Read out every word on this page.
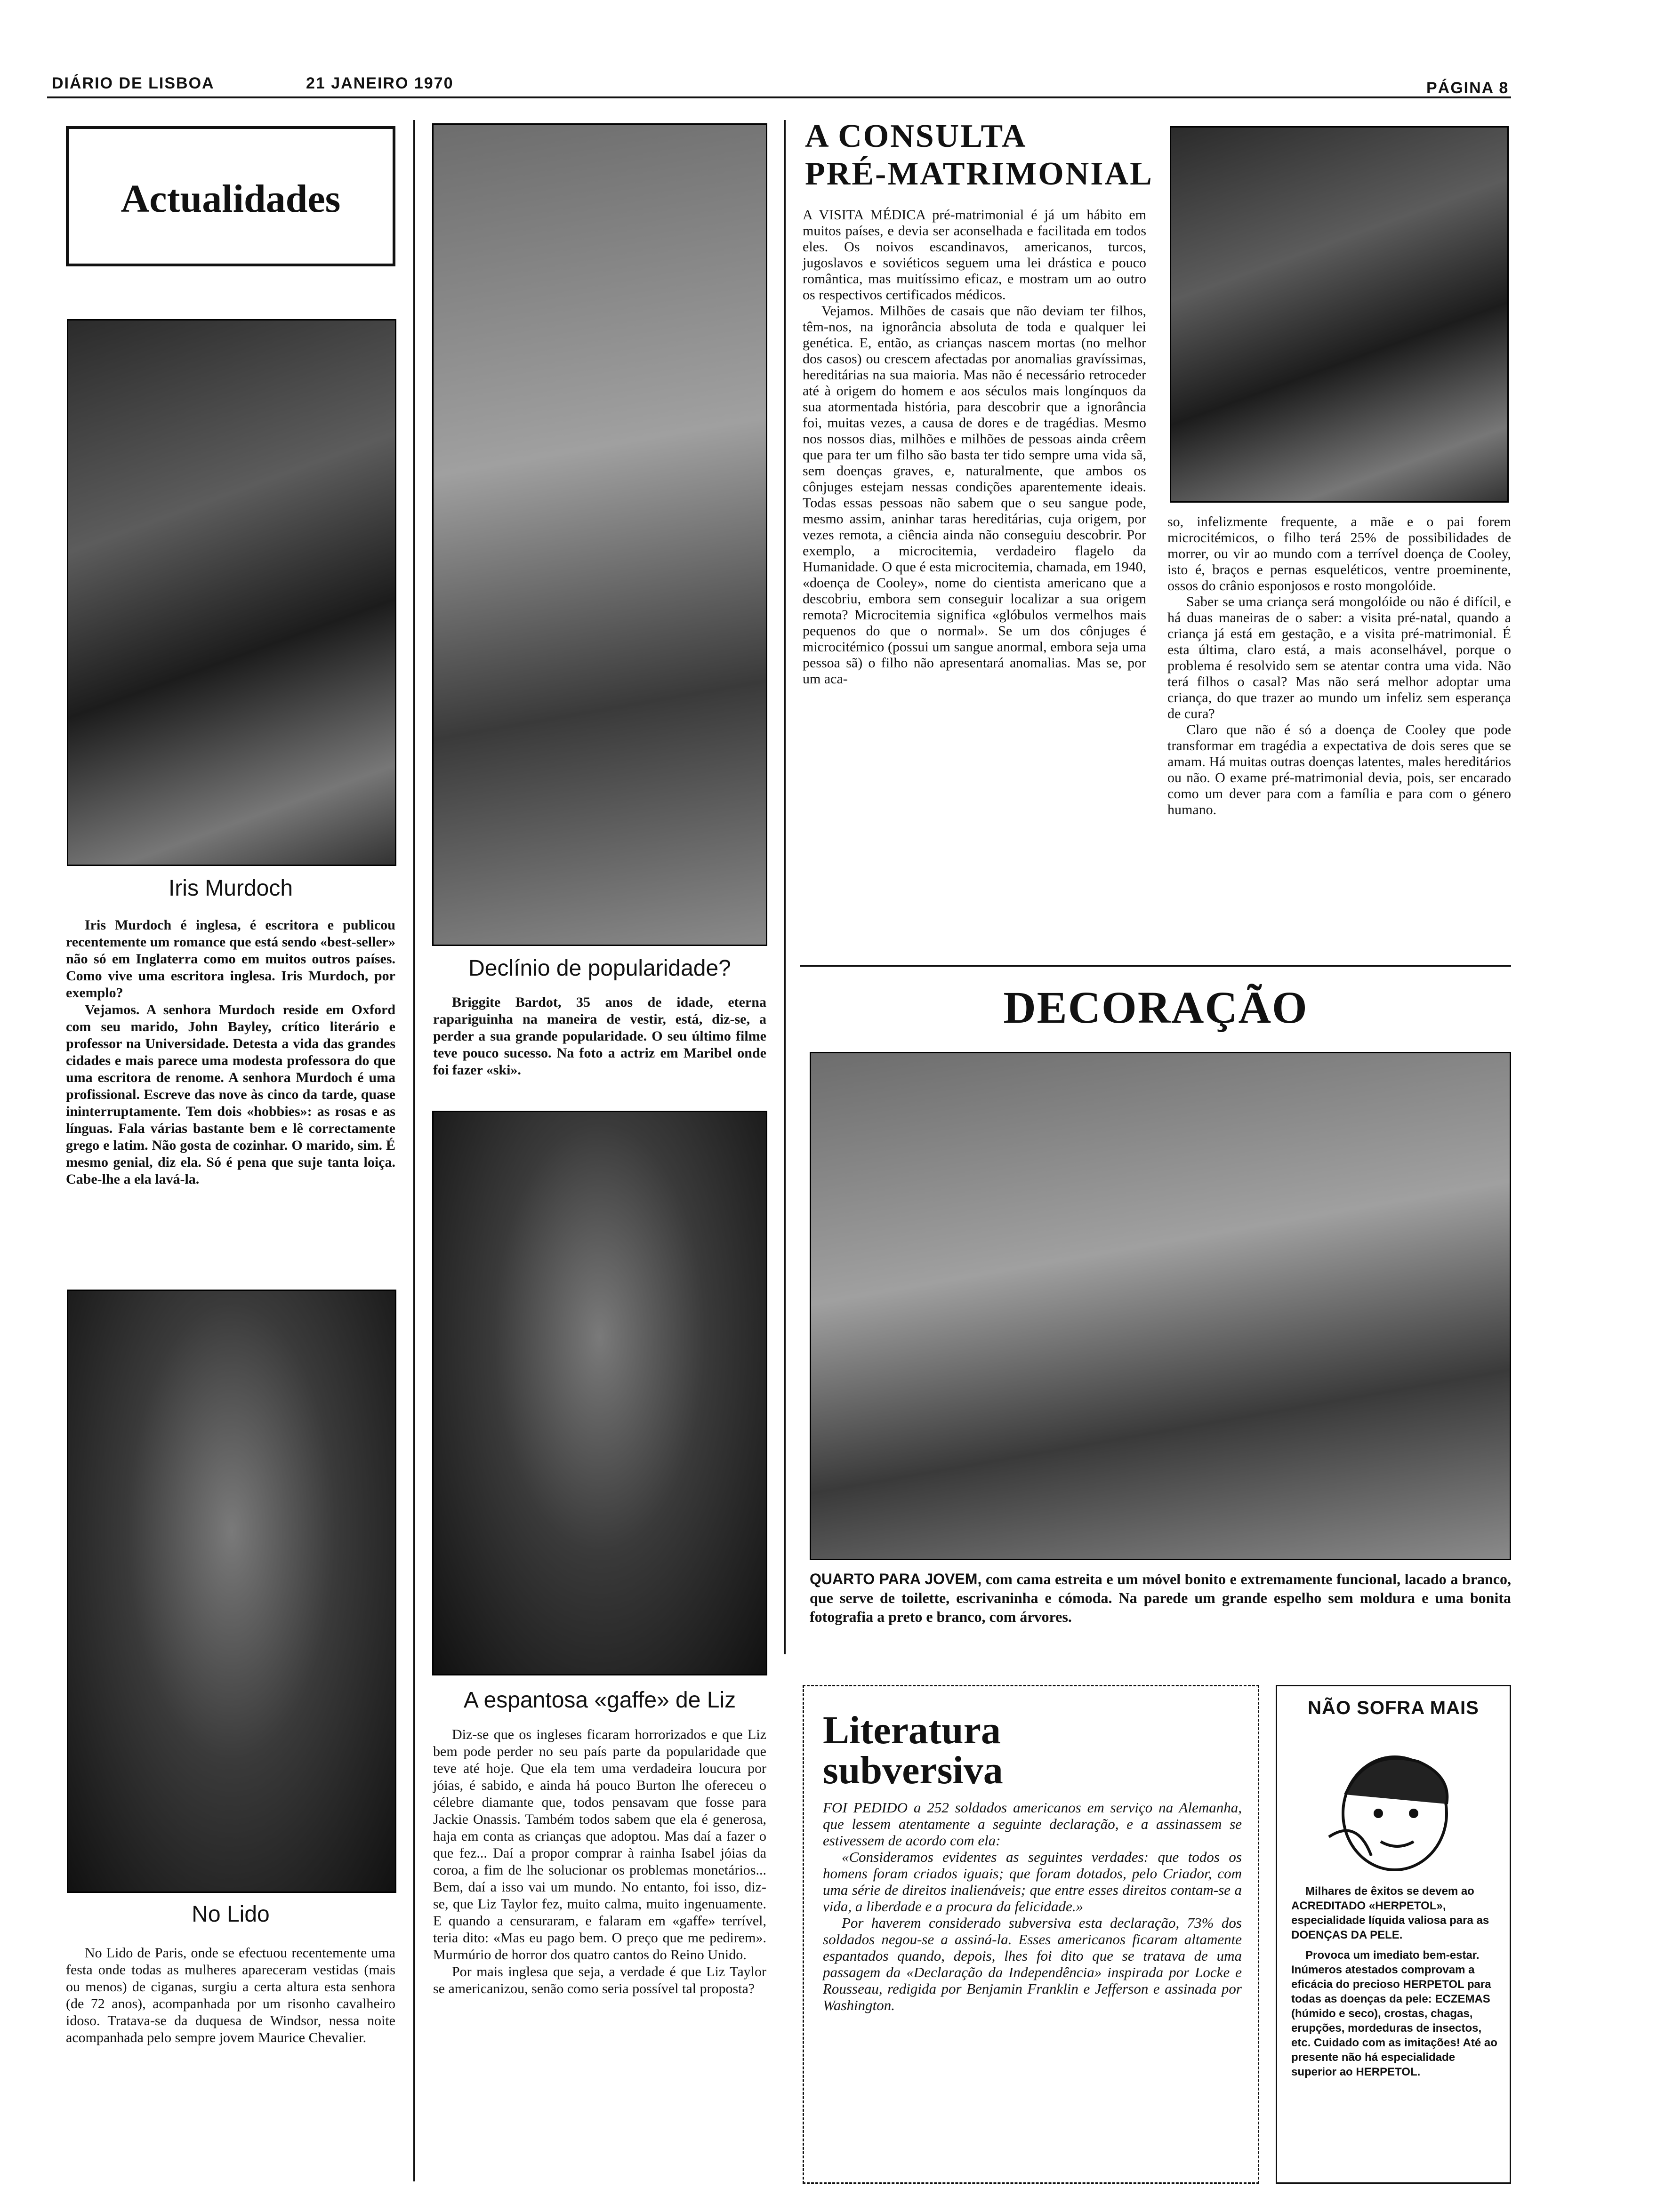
DIÁRIO DE LISBOA	21 JANEIRO 1970	PÁGINA 8
Actualidades
Iris Murdoch

Iris Murdoch é inglesa, é escritora e publicou recentemente um romance que está sendo «best-seller» não só em Inglaterra como em muitos outros países. Como vive uma escritora inglesa. Iris Murdoch, por exemplo?

Vejamos. A senhora Murdoch reside em Oxford com seu marido, John Bayley, crítico literário e professor na Universidade. Detesta a vida das grandes cidades e mais parece uma modesta professora do que uma escritora de renome. A senhora Murdoch é uma profissional. Escreve das nove às cinco da tarde, quase ininterruptamente. Tem dois «hobbies»: as rosas e as línguas. Fala várias bastante bem e lê correctamente grego e latim. Não gosta de cozinhar. O marido, sim. É mesmo genial, diz ela. Só é pena que suje tanta loiça. Cabe-lhe a ela lavá-la.

No Lido

No Lido de Paris, onde se efectuou recentemente uma festa onde todas as mulheres apareceram vestidas (mais ou menos) de ciganas, surgiu a certa altura esta senhora (de 72 anos), acompanhada por um risonho cavalheiro idoso. Tratava-se da duquesa de Windsor, nessa noite acompanhada pelo sempre jovem Maurice Chevalier.

Declínio de popularidade?

Briggite Bardot, 35 anos de idade, eterna rapariguinha na maneira de vestir, está, diz-se, a perder a sua grande popularidade. O seu último filme teve pouco sucesso. Na foto a actriz em Maribel onde foi fazer «ski».

A espantosa «gaffe» de Liz

Diz-se que os ingleses ficaram horrorizados e que Liz bem pode perder no seu país parte da popularidade que teve até hoje. Que ela tem uma verdadeira loucura por jóias, é sabido, e ainda há pouco Burton lhe ofereceu o célebre diamante que, todos pensavam que fosse para Jackie Onassis. Também todos sabem que ela é generosa, haja em conta as crianças que adoptou. Mas daí a fazer o que fez... Daí a propor comprar à rainha Isabel jóias da coroa, a fim de lhe solucionar os problemas monetários... Bem, daí a isso vai um mundo. No entanto, foi isso, diz-se, que Liz Taylor fez, muito calma, muito ingenuamente. E quando a censuraram, e falaram em «gaffe» terrível, teria dito: «Mas eu pago bem. O preço que me pedirem». Murmúrio de horror dos quatro cantos do Reino Unido.

Por mais inglesa que seja, a verdade é que Liz Taylor se americanizou, senão como seria possível tal proposta?

A CONSULTA
PRÉ-MATRIMONIAL

A VISITA MÉDICA pré-matrimonial é já um hábito em muitos países, e devia ser aconselhada e facilitada em todos eles. Os noivos escandinavos, americanos, turcos, jugoslavos e soviéticos seguem uma lei drástica e pouco romântica, mas muitíssimo eficaz, e mostram um ao outro os respectivos certificados médicos.

Vejamos. Milhões de casais que não deviam ter filhos, têm-nos, na ignorância absoluta de toda e qualquer lei genética. E, então, as crianças nascem mortas (no melhor dos casos) ou crescem afectadas por anomalias gravíssimas, hereditárias na sua maioria. Mas não é necessário retroceder até à origem do homem e aos séculos mais longínquos da sua atormentada história, para descobrir que a ignorância foi, muitas vezes, a causa de dores e de tragédias. Mesmo nos nossos dias, milhões e milhões de pessoas ainda crêem que para ter um filho são basta ter tido sempre uma vida sã, sem doenças graves, e, naturalmente, que ambos os cônjuges estejam nessas condições aparentemente ideais. Todas essas pessoas não sabem que o seu sangue pode, mesmo assim, aninhar taras hereditárias, cuja origem, por vezes remota, a ciência ainda não conseguiu descobrir. Por exemplo, a microcitemia, verdadeiro flagelo da Humanidade. O que é esta microcitemia, chamada, em 1940, «doença de Cooley», nome do cientista americano que a descobriu, embora sem conseguir localizar a sua origem remota? Microcitemia significa «glóbulos vermelhos mais pequenos do que o normal». Se um dos cônjuges é microcitémico (possui um sangue anormal, embora seja uma pessoa sã) o filho não apresentará anomalias. Mas se, por um aca-

so, infelizmente frequente, a mãe e o pai forem microcitémicos, o filho terá 25% de possibilidades de morrer, ou vir ao mundo com a terrível doença de Cooley, isto é, braços e pernas esqueléticos, ventre proeminente, ossos do crânio esponjosos e rosto mongolóide.

Saber se uma criança será mongolóide ou não é difícil, e há duas maneiras de o saber: a visita pré-natal, quando a criança já está em gestação, e a visita pré-matrimonial. É esta última, claro está, a mais aconselhável, porque o problema é resolvido sem se atentar contra uma vida. Não terá filhos o casal? Mas não será melhor adoptar uma criança, do que trazer ao mundo um infeliz sem esperança de cura?

Claro que não é só a doença de Cooley que pode transformar em tragédia a expectativa de dois seres que se amam. Há muitas outras doenças latentes, males hereditários ou não. O exame pré-matrimonial devia, pois, ser encarado como um dever para com a família e para com o género humano.

DECORAÇÃO
QUARTO PARA JOVEM, com cama estreita e um móvel bonito e extremamente funcional, lacado a branco, que serve de toilette, escrivaninha e cómoda. Na parede um grande espelho sem moldura e uma bonita fotografia a preto e branco, com árvores.
Literatura
subversiva

FOI PEDIDO a 252 soldados americanos em serviço na Alemanha, que lessem atentamente a seguinte declaração, e a assinassem se estivessem de acordo com ela:

«Consideramos evidentes as seguintes verdades: que todos os homens foram criados iguais; que foram dotados, pelo Criador, com uma série de direitos inalienáveis; que entre esses direitos contam-se a vida, a liberdade e a procura da felicidade.»

Por haverem considerado subversiva esta declaração, 73% dos soldados negou-se a assiná-la. Esses americanos ficaram altamente espantados quando, depois, lhes foi dito que se tratava de uma passagem da «Declaração da Independência» inspirada por Locke e Rousseau, redigida por Benjamin Franklin e Jefferson e assinada por Washington.

NÃO SOFRA MAIS

Milhares de êxitos se devem ao ACREDITADO «HERPETOL», especialidade líquida valiosa para as DOENÇAS DA PELE.

Provoca um imediato bem-estar. Inúmeros atestados comprovam a eficácia do precioso HERPETOL para todas as doenças da pele: ECZEMAS (húmido e seco), crostas, chagas, erupções, mordeduras de insectos, etc. Cuidado com as imitações! Até ao presente não há especialidade superior ao HERPETOL.
